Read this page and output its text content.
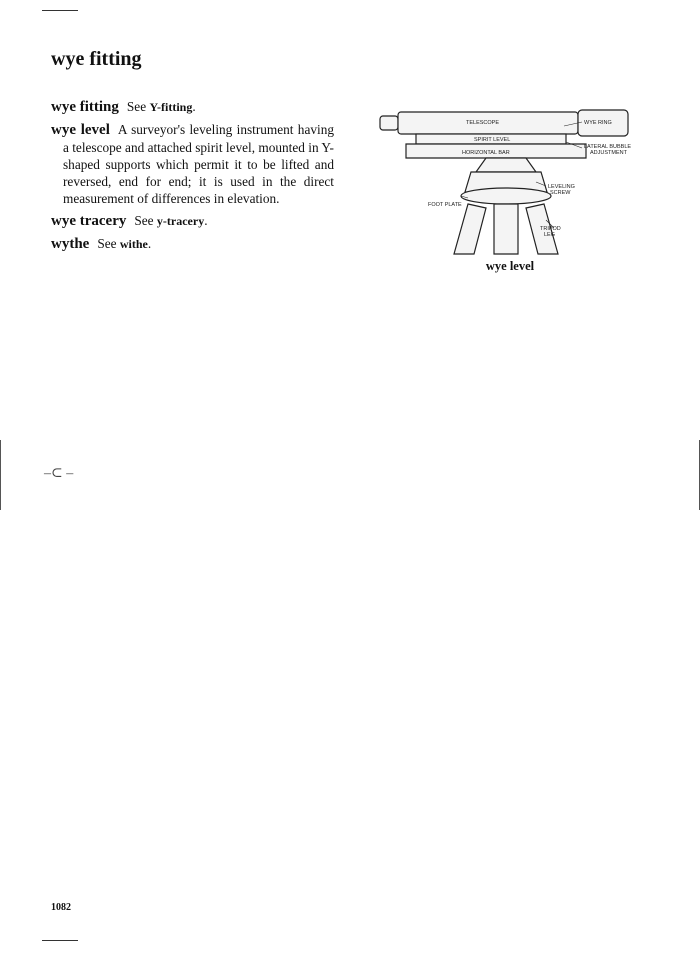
wye fitting
wye fitting See Y-fitting.
wye level A surveyor's leveling instrument having a telescope and attached spirit level, mounted in Y-shaped supports which permit it to be lifted and reversed, end for end; it is used in the direct measurement of differences in elevation.
wye tracery See y-tracery.
wythe See withe.
TELESCOPE
SPIRIT LEVEL
HORIZONTAL BAR
WYE RING
LATERAL BUBBLE
ADJUSTMENT
LEVELING
SCREW
FOOT PLATE
TRIPOD
LEG
wye level
–⊂ –
1082
